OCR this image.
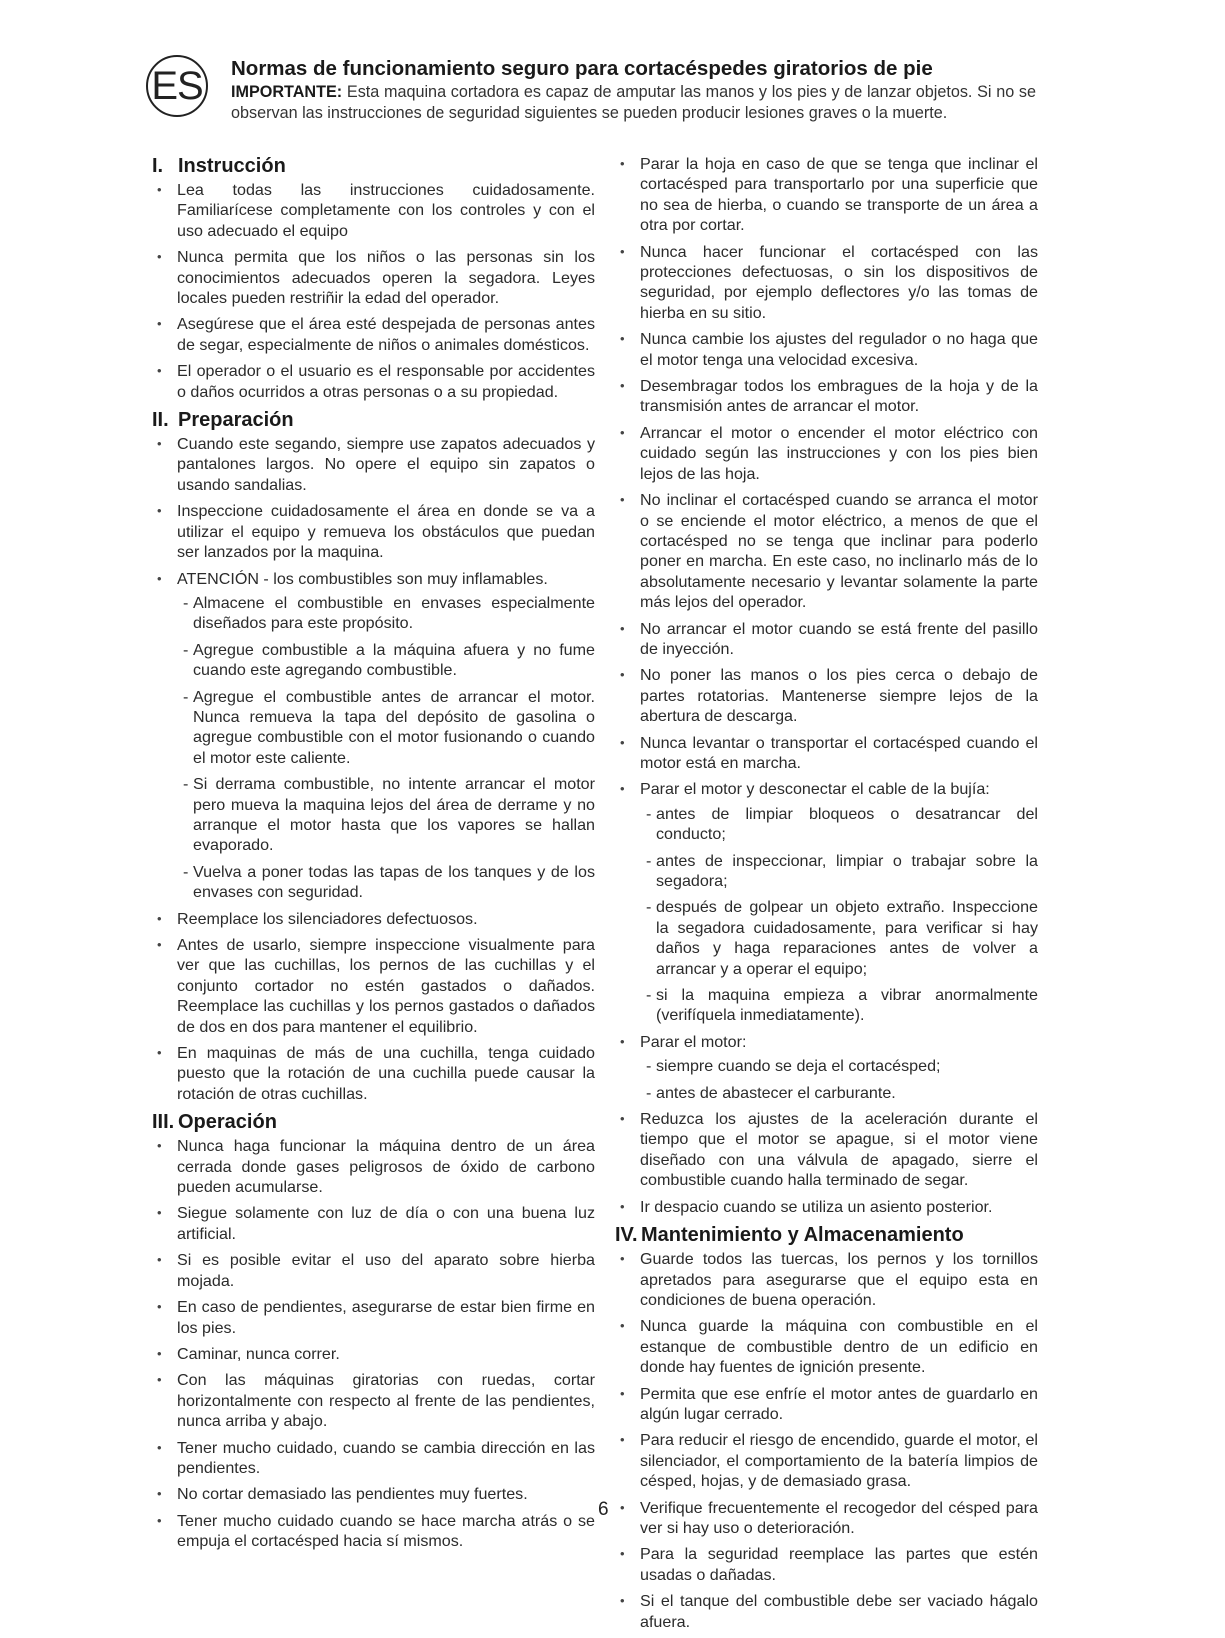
ES Normas de funcionamiento seguro para cortacéspedes giratorios de pie

IMPORTANTE: Esta maquina cortadora es capaz de amputar las manos y los pies y de lanzar objetos. Si no se observan las instrucciones de seguridad siguientes se pueden producir lesiones graves o la muerte.

I. Instrucción
• Lea todas las instrucciones cuidadosamente. Familiarícese completamente con los controles y con el uso adecuado el equipo
• Nunca permita que los niños o las personas sin los conocimientos adecuados operen la segadora. Leyes locales pueden restriñir la edad del operador.
• Asegúrese que el área esté despejada de personas antes de segar, especialmente de niños o animales domésticos.
• El operador o el usuario es el responsable por accidentes o daños ocurridos a otras personas o a su propiedad.
II. Preparación
• Cuando este segando, siempre use zapatos adecuados y pantalones largos. No opere el equipo sin zapatos o usando sandalias.
• Inspeccione cuidadosamente el área en donde se va a utilizar el equipo y remueva los obstáculos que puedan ser lanzados por la maquina.
• ATENCIÓN - los combustibles son muy inflamables.
- Almacene el combustible en envases especialmente diseñados para este propósito.
- Agregue combustible a la máquina afuera y no fume cuando este agregando combustible.
- Agregue el combustible antes de arrancar el motor. Nunca remueva la tapa del depósito de gasolina o agregue combustible con el motor fusionando o cuando el motor este caliente.
- Si derrama combustible, no intente arrancar el motor pero mueva la maquina lejos del área de derrame y no arranque el motor hasta que los vapores se hallan evaporado.
- Vuelva a poner todas las tapas de los tanques y de los envases con seguridad.
• Reemplace los silenciadores defectuosos.
• Antes de usarlo, siempre inspeccione visualmente para ver que las cuchillas, los pernos de las cuchillas y el conjunto cortador no estén gastados o dañados. Reemplace las cuchillas y los pernos gastados o dañados de dos en dos para mantener el equilibrio.
• En maquinas de más de una cuchilla, tenga cuidado puesto que la rotación de una cuchilla puede causar la rotación de otras cuchillas.
III. Operación
• Nunca haga funcionar la máquina dentro de un área cerrada donde gases peligrosos de óxido de carbono pueden acumularse.
• Siegue solamente con luz de día o con una buena luz artificial.
• Si es posible evitar el uso del aparato sobre hierba mojada.
• En caso de pendientes, asegurarse de estar bien firme en los pies.
• Caminar, nunca correr.
• Con las máquinas giratorias con ruedas, cortar horizontalmente con respecto al frente de las pendientes, nunca arriba y abajo.
• Tener mucho cuidado, cuando se cambia dirección en las pendientes.
• No cortar demasiado las pendientes muy fuertes.
• Tener mucho cuidado cuando se hace marcha atrás o se empuja el cortacésped hacia sí mismos.
• Parar la hoja en caso de que se tenga que inclinar el cortacésped para transportarlo por una superficie que no sea de hierba, o cuando se transporte de un área a otra por cortar.
• Nunca hacer funcionar el cortacésped con las protecciones defectuosas, o sin los dispositivos de seguridad, por ejemplo deflectores y/o las tomas de hierba en su sitio.
• Nunca cambie los ajustes del regulador o no haga que el motor tenga una velocidad excesiva.
• Desembragar todos los embragues de la hoja y de la transmisión antes de arrancar el motor.
• Arrancar el motor o encender el motor eléctrico con cuidado según las instrucciones y con los pies bien lejos de las hoja.
• No inclinar el cortacésped cuando se arranca el motor o se enciende el motor eléctrico, a menos de que el cortacésped no se tenga que inclinar para poderlo poner en marcha. En este caso, no inclinarlo más de lo absolutamente necesario y levantar solamente la parte más lejos del operador.
• No arrancar el motor cuando se está frente del pasillo de inyección.
• No poner las manos o los pies cerca o debajo de partes rotatorias. Mantenerse siempre lejos de la abertura de descarga.
• Nunca levantar o transportar el cortacésped cuando el motor está en marcha.
• Parar el motor y desconectar el cable de la bujía:
- antes de limpiar bloqueos o desatrancar del conducto;
- antes de inspeccionar, limpiar o trabajar sobre la segadora;
- después de golpear un objeto extraño. Inspeccione la segadora cuidadosamente, para verificar si hay daños y haga reparaciones antes de volver a arrancar y a operar el equipo;
- si la maquina empieza a vibrar anormalmente (verifíquela inmediatamente).
• Parar el motor:
- siempre cuando se deja el cortacésped;
- antes de abastecer el carburante.
• Reduzca los ajustes de la aceleración durante el tiempo que el motor se apague, si el motor viene diseñado con una válvula de apagado, sierre el combustible cuando halla terminado de segar.
• Ir despacio cuando se utiliza un asiento posterior.
IV. Mantenimiento y Almacenamiento
• Guarde todos las tuercas, los pernos y los tornillos apretados para asegurarse que el equipo esta en condiciones de buena operación.
• Nunca guarde la máquina con combustible en el estanque de combustible dentro de un edificio en donde hay fuentes de ignición presente.
• Permita que ese enfríe el motor antes de guardarlo en algún lugar cerrado.
• Para reducir el riesgo de encendido, guarde el motor, el silenciador, el comportamiento de la batería limpios de césped, hojas, y de demasiado grasa.
• Verifique frecuentemente el recogedor del césped para ver si hay uso o deterioración.
• Para la seguridad reemplace las partes que estén usadas o dañadas.
• Si el tanque del combustible debe ser vaciado hágalo afuera.
6
